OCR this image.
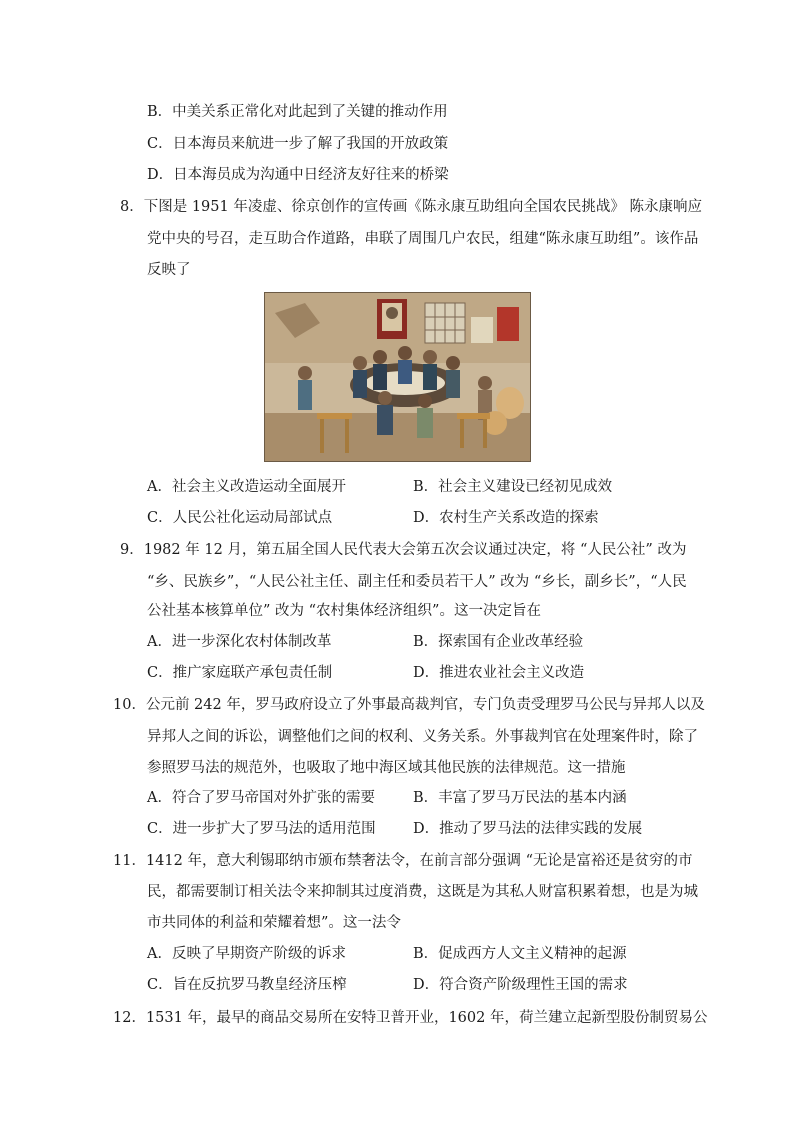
B．中美关系正常化对此起到了关键的推动作用
C．日本海员来航进一步了解了我国的开放政策
D．日本海员成为沟通中日经济友好往来的桥梁
8．下图是 1951 年凌虚、徐京创作的宣传画《陈永康互助组向全国农民挑战》 陈永康响应
党中央的号召，走互助合作道路，串联了周围几户农民，组建“陈永康互助组”。该作品
反映了
A．社会主义改造运动全面展开	B．社会主义建设已经初见成效
C．人民公社化运动局部试点	D．农村生产关系改造的探索
9．1982 年 12 月，第五届全国人民代表大会第五次会议通过决定，将 “人民公社” 改为
“乡、民族乡”，“人民公社主任、副主任和委员若干人” 改为 “乡长，副乡长”，“人民
公社基本核算单位” 改为 “农村集体经济组织”。这一决定旨在
A．进一步深化农村体制改革	B．探索国有企业改革经验
C．推广家庭联产承包责任制	D．推进农业社会主义改造
10．公元前 242 年，罗马政府设立了外事最高裁判官，专门负责受理罗马公民与异邦人以及
异邦人之间的诉讼，调整他们之间的权利、义务关系。外事裁判官在处理案件时，除了
参照罗马法的规范外，也吸取了地中海区域其他民族的法律规范。这一措施
A．符合了罗马帝国对外扩张的需要	B．丰富了罗马万民法的基本内涵
C．进一步扩大了罗马法的适用范围	D．推动了罗马法的法律实践的发展
11．1412 年，意大利锡耶纳市颁布禁奢法令，在前言部分强调 “无论是富裕还是贫穷的市
民，都需要制订相关法令来抑制其过度消费，这既是为其私人财富积累着想，也是为城
市共同体的利益和荣耀着想”。这一法令
A．反映了早期资产阶级的诉求	B．促成西方人文主义精神的起源
C．旨在反抗罗马教皇经济压榨	D．符合资产阶级理性王国的需求
12．1531 年，最早的商品交易所在安特卫普开业，1602 年，荷兰建立起新型股份制贸易公
